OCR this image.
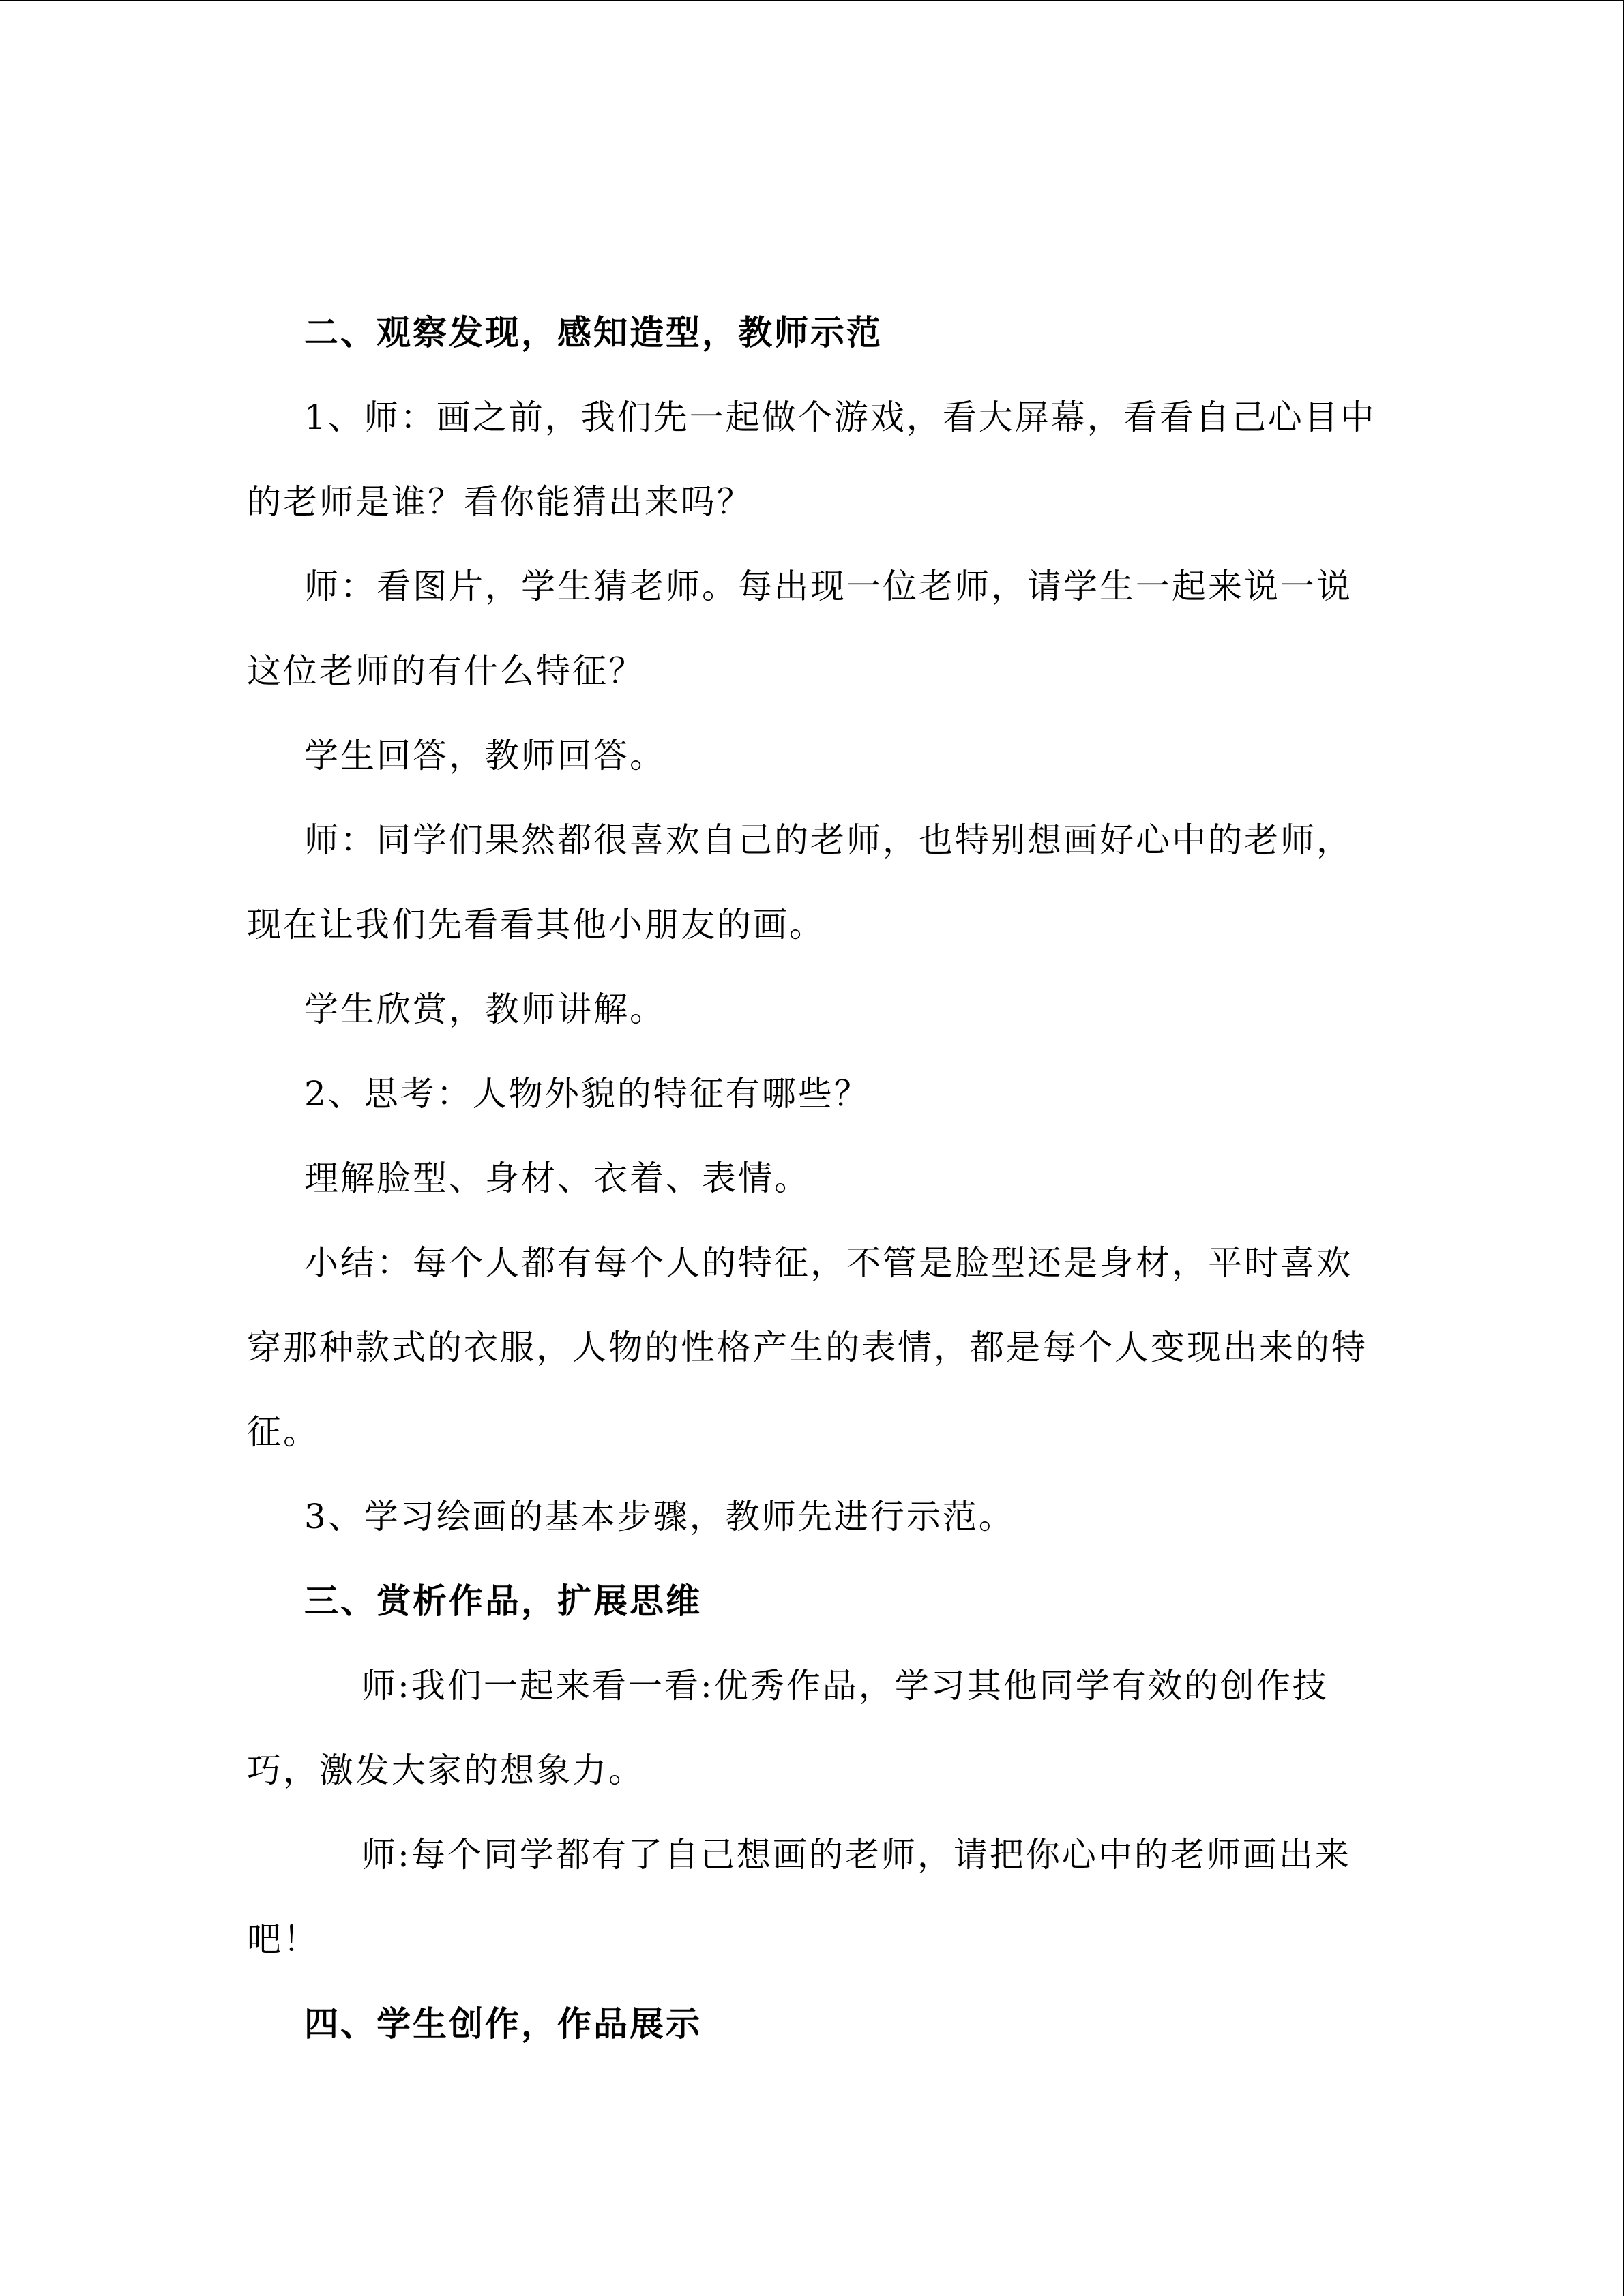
二、观察发现，感知造型，教师示范

1、师：画之前，我们先一起做个游戏，看大屏幕，看看自己心目中的老师是谁？看你能猜出来吗？

师：看图片，学生猜老师。每出现一位老师，请学生一起来说一说这位老师的有什么特征？

学生回答，教师回答。

师：同学们果然都很喜欢自己的老师，也特别想画好心中的老师，现在让我们先看看其他小朋友的画。

学生欣赏，教师讲解。

2、思考：人物外貌的特征有哪些？

理解脸型、身材、衣着、表情。

小结：每个人都有每个人的特征，不管是脸型还是身材，平时喜欢穿那种款式的衣服，人物的性格产生的表情，都是每个人变现出来的特征。

3、学习绘画的基本步骤，教师先进行示范。

三、赏析作品，扩展思维

师:我们一起来看一看:优秀作品，学习其他同学有效的创作技巧，激发大家的想象力。

师:每个同学都有了自己想画的老师，请把你心中的老师画出来吧！

四、学生创作，作品展示
